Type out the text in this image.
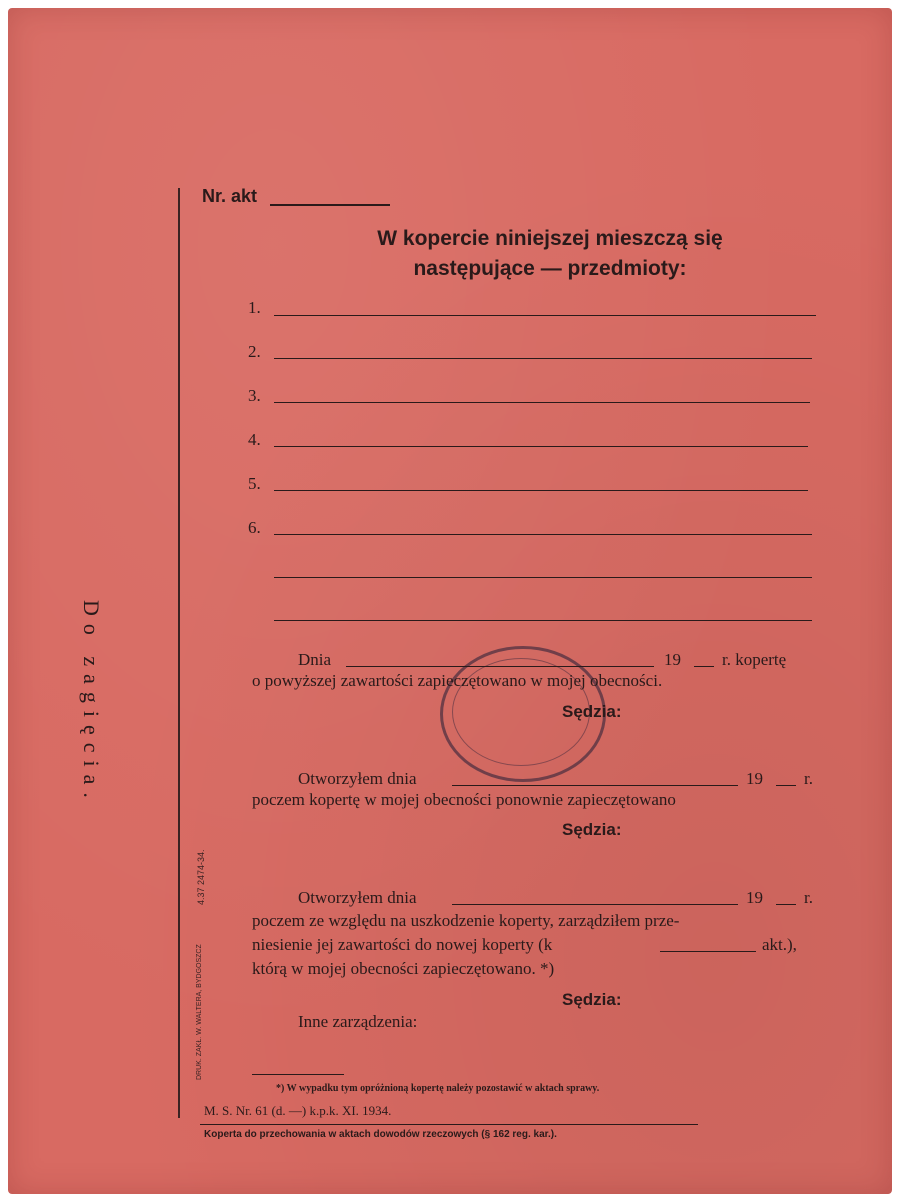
Do zagięcia.
4.37 2474-34.
DRUK. ZAKŁ. W. WALTERA, BYDGOSZCZ
Nr. akt
W kopercie niniejszej mieszczą się
następujące — przedmioty:
1.
2.
3.
4.
5.
6.
Dnia	19 r. kopertę
o powyższej zawartości zapieczętowano w mojej obecności.
Sędzia:
Otworzyłem dnia	19 r.
poczem kopertę w mojej obecności ponownie zapieczętowano
Sędzia:
Otworzyłem dnia	19 r.
poczem ze względu na uszkodzenie koperty, zarządziłem prze-
niesienie jej zawartości do nowej koperty (k	akt.),
którą w mojej obecności zapieczętowano. *)
Sędzia:
Inne zarządzenia:
*) W wypadku tym opróżnioną kopertę należy pozostawić w aktach sprawy.
M. S. Nr. 61 (d. —) k.p.k. XI. 1934.
Koperta do przechowania w aktach dowodów rzeczowych (§ 162 reg. kar.).
